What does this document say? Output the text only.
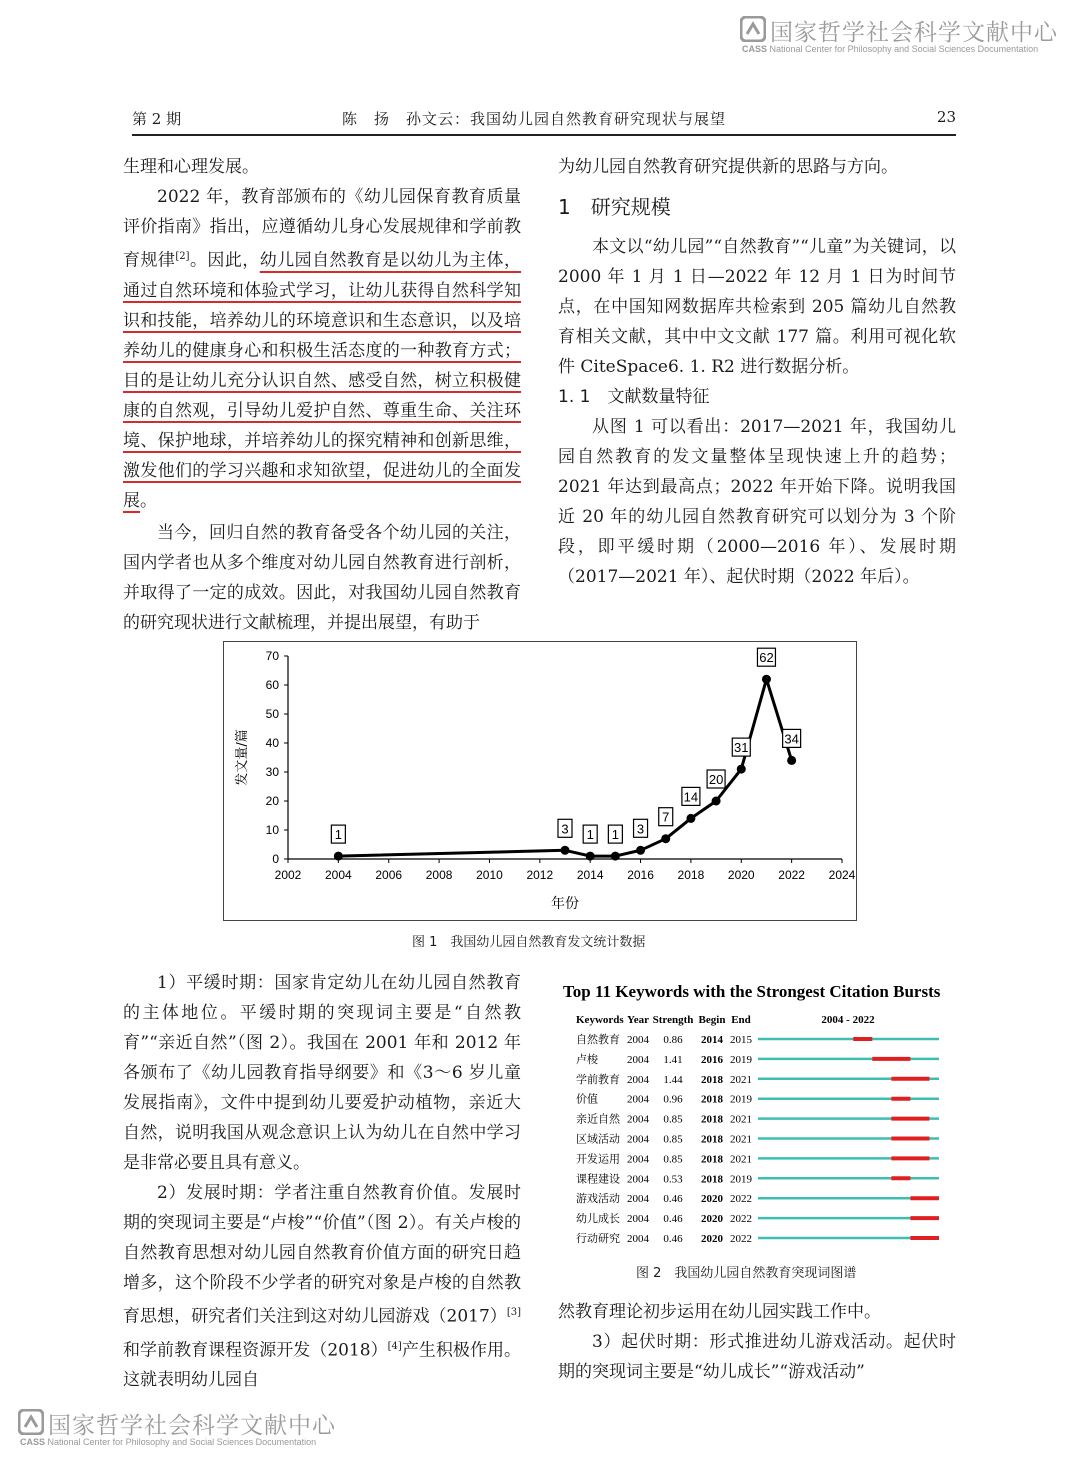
国家哲学社会科学文献中心
CASS National Center for Philosophy and Social Sciences Documentation
国家哲学社会科学文献中心
CASS National Center for Philosophy and Social Sciences Documentation
第 2 期	陈　扬　孙文云：我国幼儿园自然教育研究现状与展望	23

生理和心理发展。

2022 年，教育部颁布的《幼儿园保育教育质量评价指南》指出，应遵循幼儿身心发展规律和学前教育规律[2]。因此，幼儿园自然教育是以幼儿为主体，通过自然环境和体验式学习，让幼儿获得自然科学知识和技能，培养幼儿的环境意识和生态意识，以及培养幼儿的健康身心和积极生活态度的一种教育方式；目的是让幼儿充分认识自然、感受自然，树立积极健康的自然观，引导幼儿爱护自然、尊重生命、关注环境、保护地球，并培养幼儿的探究精神和创新思维，激发他们的学习兴趣和求知欲望，促进幼儿的全面发展。

当今，回归自然的教育备受各个幼儿园的关注，国内学者也从多个维度对幼儿园自然教育进行剖析，并取得了一定的成效。因此，对我国幼儿园自然教育的研究现状进行文献梳理，并提出展望，有助于

为幼儿园自然教育研究提供新的思路与方向。

1　研究规模

本文以“幼儿园”“自然教育”“儿童”为关键词，以 2000 年 1 月 1 日—2022 年 12 月 1 日为时间节点，在中国知网数据库共检索到 205 篇幼儿自然教育相关文献，其中中文文献 177 篇。利用可视化软件 CiteSpace6. 1. R2 进行数据分析。

1. 1　文献数量特征

从图 1 可以看出：2017—2021 年，我国幼儿园自然教育的发文量整体呈现快速上升的趋势；2021 年达到最高点；2022 年开始下降。说明我国近 20 年的幼儿园自然教育研究可以划分为 3 个阶段，即平缓时期（2000—2016 年）、发展时期（2017—2021 年）、起伏时期（2022 年后）。

0
10
20
30
40
50
60
70
2002 2004 2006 2008 2010 2012 2014 2016 2018 2020 2022 2024
年份
发文量/篇
1	3 1 1 3
7
14
20
31
62
34
图 1　我国幼儿园自然教育发文统计数据
Top 11 Keywords with the Strongest Citation Bursts
Keywords Year Strength Begin End	2004 - 2022
自然教育 2004 0.86 2014 2015
卢梭	2004 1.41 2016 2019
学前教育 2004 1.44 2018 2021
价值	2004 0.96 2018 2019
亲近自然 2004 0.85 2018 2021
区域活动 2004 0.85 2018 2021
开发运用 2004 0.85 2018 2021
课程建设 2004 0.53 2018 2019
游戏活动 2004 0.46 2020 2022
幼儿成长 2004 0.46 2020 2022
行动研究 2004 0.46 2020 2022
图 2　我国幼儿园自然教育突现词图谱

1）平缓时期：国家肯定幼儿在幼儿园自然教育的主体地位。平缓时期的突现词主要是“自然教育”“亲近自然”（图 2）。我国在 2001 年和 2012 年各颁布了《幼儿园教育指导纲要》和《3～6 岁儿童发展指南》，文件中提到幼儿要爱护动植物，亲近大自然，说明我国从观念意识上认为幼儿在自然中学习是非常必要且具有意义。

2）发展时期：学者注重自然教育价值。发展时期的突现词主要是“卢梭”“价值”（图 2）。有关卢梭的自然教育思想对幼儿园自然教育价值方面的研究日趋增多，这个阶段不少学者的研究对象是卢梭的自然教育思想，研究者们关注到这对幼儿园游戏（2017）[3]和学前教育课程资源开发（2018）[4]产生积极作用。这就表明幼儿园自

然教育理论初步运用在幼儿园实践工作中。

3）起伏时期：形式推进幼儿游戏活动。起伏时期的突现词主要是“幼儿成长”“游戏活动”
